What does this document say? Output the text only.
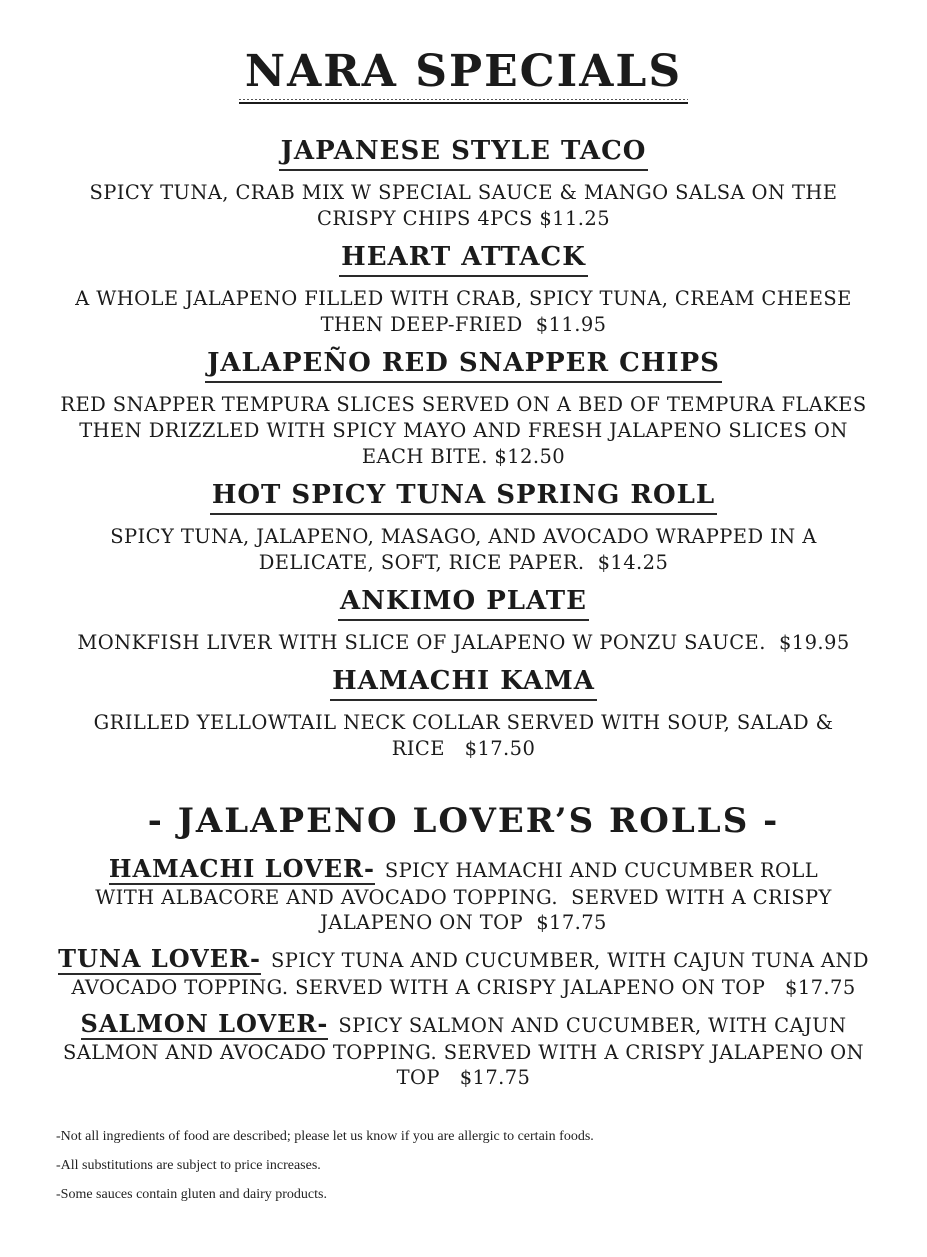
NARA SPECIALS
JAPANESE STYLE TACO
SPICY TUNA, CRAB MIX W SPECIAL SAUCE & MANGO SALSA ON THE
CRISPY CHIPS 4PCS $11.25
HEART ATTACK
A WHOLE JALAPENO FILLED WITH CRAB, SPICY TUNA, CREAM CHEESE
THEN DEEP-FRIED  $11.95
JALAPEÑO RED SNAPPER CHIPS
RED SNAPPER TEMPURA SLICES SERVED ON A BED OF TEMPURA FLAKES
THEN DRIZZLED WITH SPICY MAYO AND FRESH JALAPENO SLICES ON
EACH BITE. $12.50
HOT SPICY TUNA SPRING ROLL
SPICY TUNA, JALAPENO, MASAGO, AND AVOCADO WRAPPED IN A
DELICATE, SOFT, RICE PAPER.  $14.25
ANKIMO PLATE
MONKFISH LIVER WITH SLICE OF JALAPENO W PONZU SAUCE.  $19.95
HAMACHI KAMA
GRILLED YELLOWTAIL NECK COLLAR SERVED WITH SOUP, SALAD &
RICE   $17.50
- JALAPENO LOVER’S ROLLS -
HAMACHI LOVER- SPICY HAMACHI AND CUCUMBER ROLL
WITH ALBACORE AND AVOCADO TOPPING.  SERVED WITH A CRISPY
JALAPENO ON TOP  $17.75
TUNA LOVER- SPICY TUNA AND CUCUMBER, WITH CAJUN TUNA AND
AVOCADO TOPPING. SERVED WITH A CRISPY JALAPENO ON TOP   $17.75
SALMON LOVER- SPICY SALMON AND CUCUMBER, WITH CAJUN
SALMON AND AVOCADO TOPPING. SERVED WITH A CRISPY JALAPENO ON
TOP   $17.75
-Not all ingredients of food are described; please let us know if you are allergic to certain foods.
-All substitutions are subject to price increases.
-Some sauces contain gluten and dairy products.
